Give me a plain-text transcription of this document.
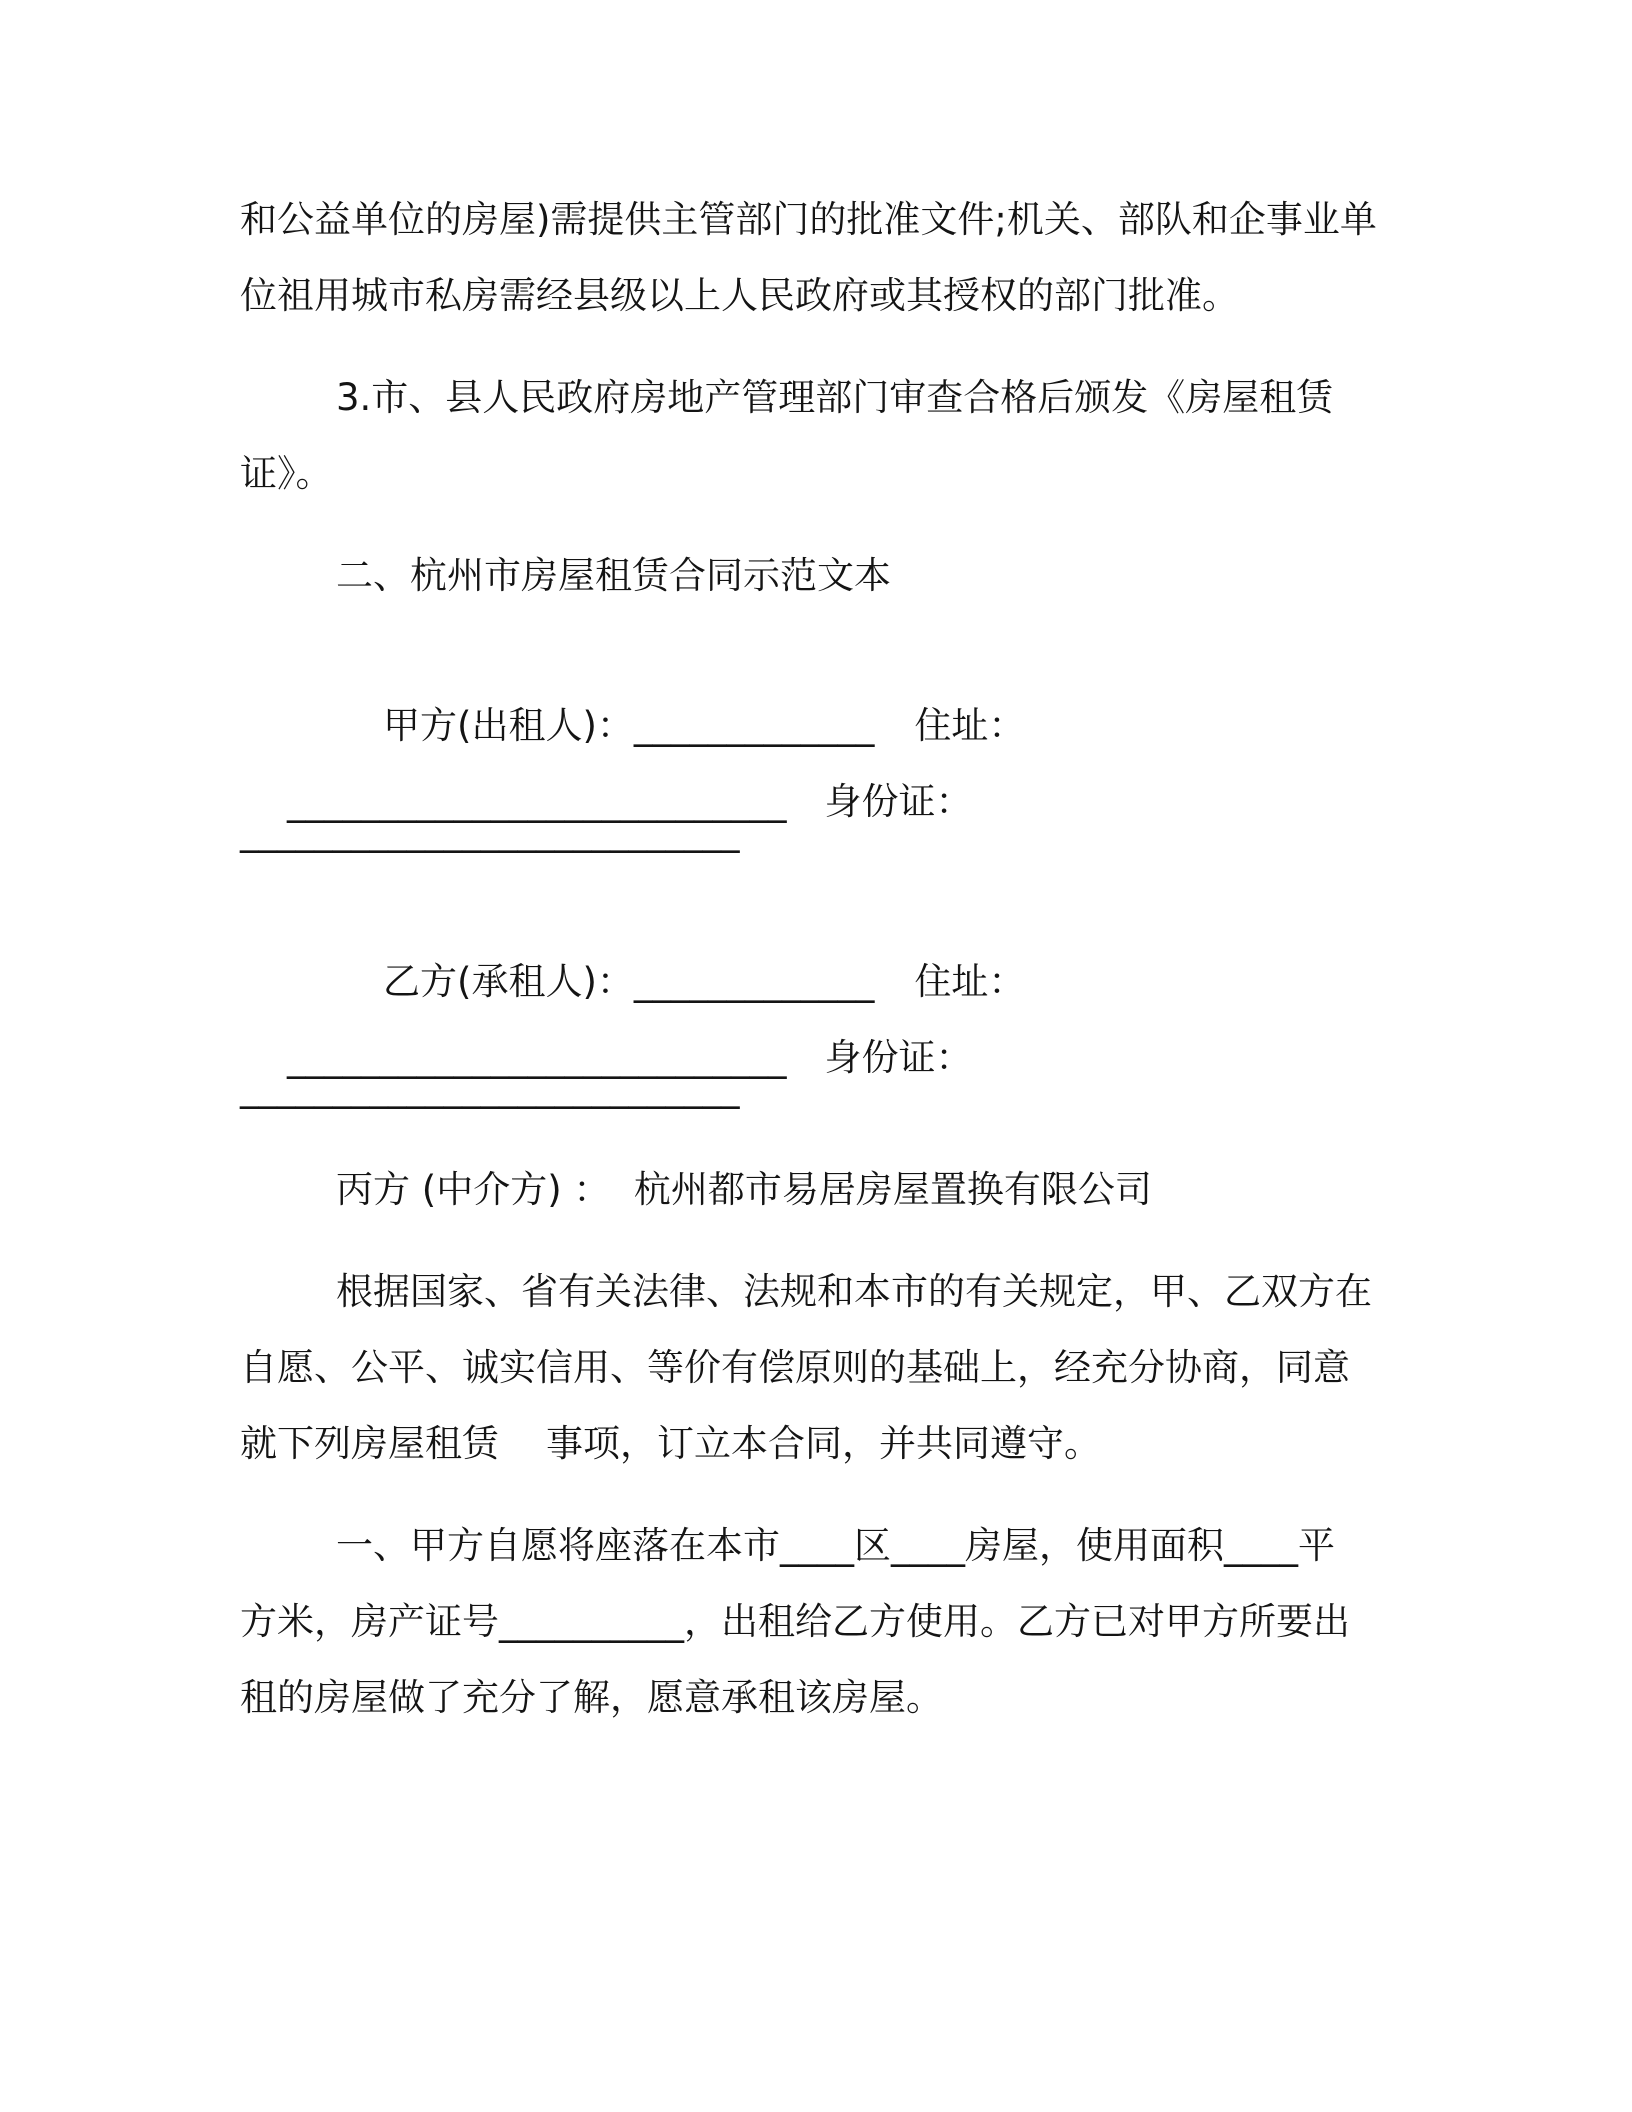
和公益单位的房屋)需提供主管部门的批准文件;机关、部队和企事业单
位祖用城市私房需经县级以上人民政府或其授权的部门批准。
3.市、县人民政府房地产管理部门审查合格后颁发《房屋租赁
证》。
二、杭州市房屋租赁合同示范文本

甲方(出租人)：_____________ 住址：

___________________________ 身份证：

___________________________

乙方(承租人)：_____________ 住址：

___________________________ 身份证：

___________________________
丙方 (中介方) ：  杭州都市易居房屋置换有限公司
根据国家、省有关法律、法规和本市的有关规定，甲、乙双方在
自愿、公平、诚实信用、等价有偿原则的基础上，经充分协商，同意
就下列房屋租赁    事项，订立本合同，并共同遵守。
一、甲方自愿将座落在本市____区____房屋，使用面积____平
方米，房产证号__________，出租给乙方使用。乙方已对甲方所要出
租的房屋做了充分了解，愿意承租该房屋。
